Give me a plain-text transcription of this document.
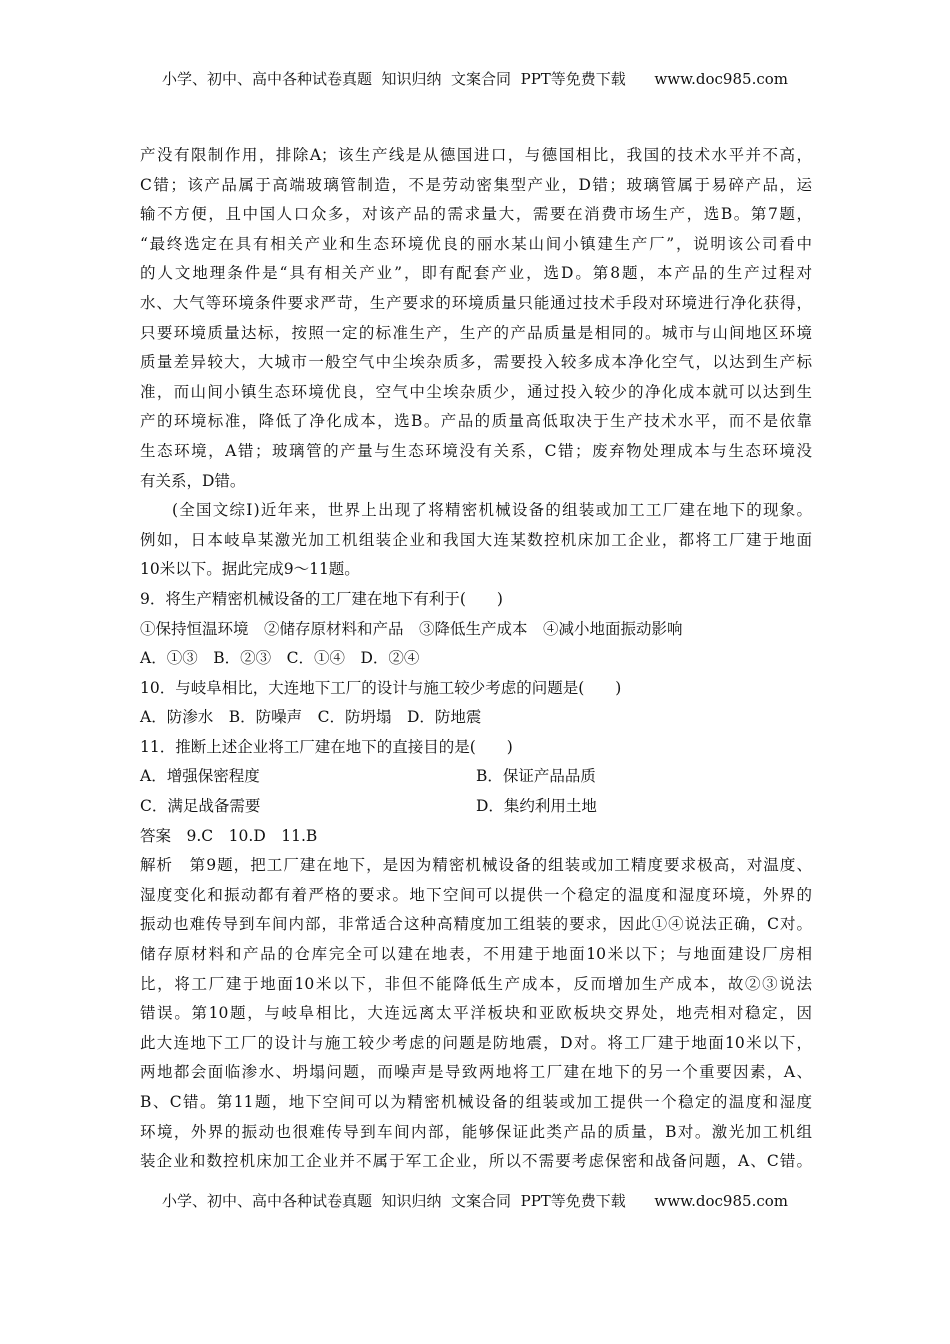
小学、初中、高中各种试卷真题  知识归纳  文案合同  PPT等免费下载      www.doc985.com
产没有限制作用，排除A；该生产线是从德国进口，与德国相比，我国的技术水平并不高，
C错；该产品属于高端玻璃管制造，不是劳动密集型产业，D错；玻璃管属于易碎产品，运
输不方便，且中国人口众多，对该产品的需求量大，需要在消费市场生产，选B。第7题，
“最终选定在具有相关产业和生态环境优良的丽水某山间小镇建生产厂”，说明该公司看中
的人文地理条件是“具有相关产业”，即有配套产业，选D。第8题，本产品的生产过程对
水、大气等环境条件要求严苛，生产要求的环境质量只能通过技术手段对环境进行净化获得，
只要环境质量达标，按照一定的标准生产，生产的产品质量是相同的。城市与山间地区环境
质量差异较大，大城市一般空气中尘埃杂质多，需要投入较多成本净化空气，以达到生产标
准，而山间小镇生态环境优良，空气中尘埃杂质少，通过投入较少的净化成本就可以达到生
产的环境标准，降低了净化成本，选B。产品的质量高低取决于生产技术水平，而不是依靠
生态环境，A错；玻璃管的产量与生态环境没有关系，C错；废弃物处理成本与生态环境没
有关系，D错。
(全国文综Ⅰ)近年来，世界上出现了将精密机械设备的组装或加工工厂建在地下的现象。
例如，日本岐阜某激光加工机组装企业和我国大连某数控机床加工企业，都将工厂建于地面
10米以下。据此完成9～11题。
9．将生产精密机械设备的工厂建在地下有利于(　　)
①保持恒温环境　②储存原材料和产品　③降低生产成本　④减小地面振动影响
A．①③　B．②③　C．①④　D．②④
10．与岐阜相比，大连地下工厂的设计与施工较少考虑的问题是(　　)
A．防渗水　B．防噪声　C．防坍塌　D．防地震
11．推断上述企业将工厂建在地下的直接目的是(　　)
A．增强保密程度	B．保证产品品质
C．满足战备需要	D．集约利用土地
答案　9.C　10.D　11.B
解析　第9题，把工厂建在地下，是因为精密机械设备的组装或加工精度要求极高，对温度、
湿度变化和振动都有着严格的要求。地下空间可以提供一个稳定的温度和湿度环境，外界的
振动也难传导到车间内部，非常适合这种高精度加工组装的要求，因此①④说法正确，C对。
储存原材料和产品的仓库完全可以建在地表，不用建于地面10米以下；与地面建设厂房相
比，将工厂建于地面10米以下，非但不能降低生产成本，反而增加生产成本，故②③说法
错误。第10题，与岐阜相比，大连远离太平洋板块和亚欧板块交界处，地壳相对稳定，因
此大连地下工厂的设计与施工较少考虑的问题是防地震，D对。将工厂建于地面10米以下，
两地都会面临渗水、坍塌问题，而噪声是导致两地将工厂建在地下的另一个重要因素，A、
B、C错。第11题，地下空间可以为精密机械设备的组装或加工提供一个稳定的温度和湿度
环境，外界的振动也很难传导到车间内部，能够保证此类产品的质量，B对。激光加工机组
装企业和数控机床加工企业并不属于军工企业，所以不需要考虑保密和战备问题，A、C错。
小学、初中、高中各种试卷真题  知识归纳  文案合同  PPT等免费下载      www.doc985.com
